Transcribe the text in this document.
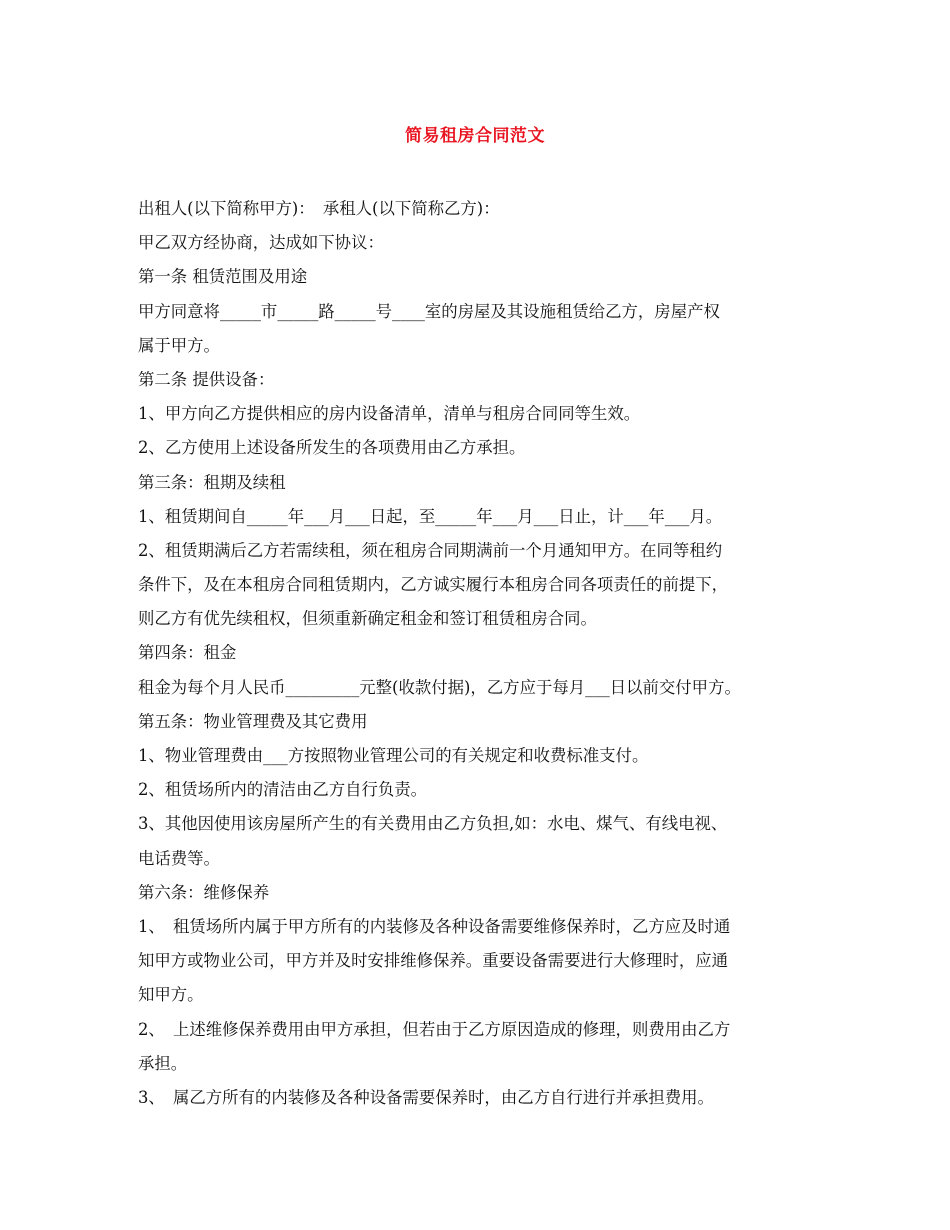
简易租房合同范文
出租人(以下简称甲方)：　承租人(以下简称乙方)：
甲乙双方经协商，达成如下协议：
第一条 租赁范围及用途
甲方同意将_____市_____路_____号____室的房屋及其设施租赁给乙方，房屋产权
属于甲方。
第二条 提供设备：
1、甲方向乙方提供相应的房内设备清单，清单与租房合同同等生效。
2、乙方使用上述设备所发生的各项费用由乙方承担。
第三条：租期及续租
1、租赁期间自_____年___月___日起，至_____年___月___日止，计___年___月。
2、租赁期满后乙方若需续租，须在租房合同期满前一个月通知甲方。在同等租约
条件下，及在本租房合同租赁期内，乙方诚实履行本租房合同各项责任的前提下，
则乙方有优先续租权，但须重新确定租金和签订租赁租房合同。
第四条：租金
租金为每个月人民币_________元整(收款付据)，乙方应于每月___日以前交付甲方。
第五条：物业管理费及其它费用
1、物业管理费由___方按照物业管理公司的有关规定和收费标准支付。
2、租赁场所内的清洁由乙方自行负责。
3、其他因使用该房屋所产生的有关费用由乙方负担,如：水电、煤气、有线电视、
电话费等。
第六条：维修保养
1、　租赁场所内属于甲方所有的内装修及各种设备需要维修保养时，乙方应及时通
知甲方或物业公司，甲方并及时安排维修保养。重要设备需要进行大修理时，应通
知甲方。
2、　上述维修保养费用由甲方承担，但若由于乙方原因造成的修理，则费用由乙方
承担。
3、　属乙方所有的内装修及各种设备需要保养时，由乙方自行进行并承担费用。
